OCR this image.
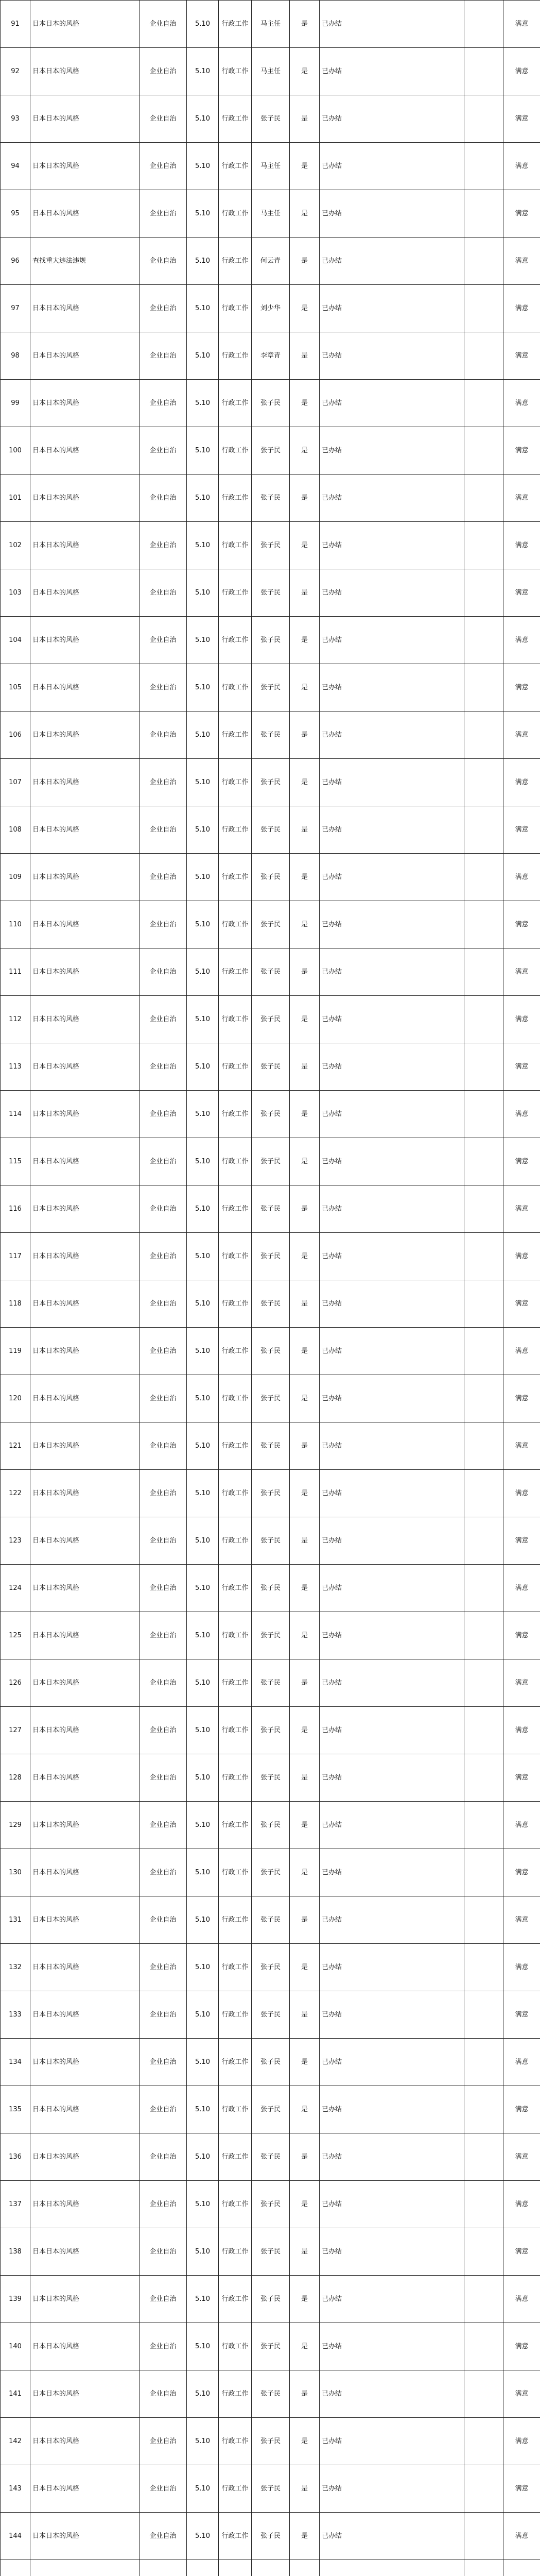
91	日本日本的风格	企业自治	5.10	行政工作	马主任	是	已办结		满意
92	日本日本的风格	企业自治	5.10	行政工作	马主任	是	已办结		满意
93	日本日本的风格	企业自治	5.10	行政工作	张子民	是	已办结		满意
94	日本日本的风格	企业自治	5.10	行政工作	马主任	是	已办结		满意
95	日本日本的风格	企业自治	5.10	行政工作	马主任	是	已办结		满意
96	查找重大违法违规	企业自治	5.10	行政工作	何云青	是	已办结		满意
97	日本日本的风格	企业自治	5.10	行政工作	刘少华	是	已办结		满意
98	日本日本的风格	企业自治	5.10	行政工作	李章青	是	已办结		满意
99	日本日本的风格	企业自治	5.10	行政工作	张子民	是	已办结		满意
100	日本日本的风格	企业自治	5.10	行政工作	张子民	是	已办结		满意
101	日本日本的风格	企业自治	5.10	行政工作	张子民	是	已办结		满意
102	日本日本的风格	企业自治	5.10	行政工作	张子民	是	已办结		满意
103	日本日本的风格	企业自治	5.10	行政工作	张子民	是	已办结		满意
104	日本日本的风格	企业自治	5.10	行政工作	张子民	是	已办结		满意
105	日本日本的风格	企业自治	5.10	行政工作	张子民	是	已办结		满意
106	日本日本的风格	企业自治	5.10	行政工作	张子民	是	已办结		满意
107	日本日本的风格	企业自治	5.10	行政工作	张子民	是	已办结		满意
108	日本日本的风格	企业自治	5.10	行政工作	张子民	是	已办结		满意
109	日本日本的风格	企业自治	5.10	行政工作	张子民	是	已办结		满意
110	日本日本的风格	企业自治	5.10	行政工作	张子民	是	已办结		满意
111	日本日本的风格	企业自治	5.10	行政工作	张子民	是	已办结		满意
112	日本日本的风格	企业自治	5.10	行政工作	张子民	是	已办结		满意
113	日本日本的风格	企业自治	5.10	行政工作	张子民	是	已办结		满意
114	日本日本的风格	企业自治	5.10	行政工作	张子民	是	已办结		满意
115	日本日本的风格	企业自治	5.10	行政工作	张子民	是	已办结		满意
116	日本日本的风格	企业自治	5.10	行政工作	张子民	是	已办结		满意
117	日本日本的风格	企业自治	5.10	行政工作	张子民	是	已办结		满意
118	日本日本的风格	企业自治	5.10	行政工作	张子民	是	已办结		满意
119	日本日本的风格	企业自治	5.10	行政工作	张子民	是	已办结		满意
120	日本日本的风格	企业自治	5.10	行政工作	张子民	是	已办结		满意
121	日本日本的风格	企业自治	5.10	行政工作	张子民	是	已办结		满意
122	日本日本的风格	企业自治	5.10	行政工作	张子民	是	已办结		满意
123	日本日本的风格	企业自治	5.10	行政工作	张子民	是	已办结		满意
124	日本日本的风格	企业自治	5.10	行政工作	张子民	是	已办结		满意
125	日本日本的风格	企业自治	5.10	行政工作	张子民	是	已办结		满意
126	日本日本的风格	企业自治	5.10	行政工作	张子民	是	已办结		满意
127	日本日本的风格	企业自治	5.10	行政工作	张子民	是	已办结		满意
128	日本日本的风格	企业自治	5.10	行政工作	张子民	是	已办结		满意
129	日本日本的风格	企业自治	5.10	行政工作	张子民	是	已办结		满意
130	日本日本的风格	企业自治	5.10	行政工作	张子民	是	已办结		满意
131	日本日本的风格	企业自治	5.10	行政工作	张子民	是	已办结		满意
132	日本日本的风格	企业自治	5.10	行政工作	张子民	是	已办结		满意
133	日本日本的风格	企业自治	5.10	行政工作	张子民	是	已办结		满意
134	日本日本的风格	企业自治	5.10	行政工作	张子民	是	已办结		满意
135	日本日本的风格	企业自治	5.10	行政工作	张子民	是	已办结		满意
136	日本日本的风格	企业自治	5.10	行政工作	张子民	是	已办结		满意
137	日本日本的风格	企业自治	5.10	行政工作	张子民	是	已办结		满意
138	日本日本的风格	企业自治	5.10	行政工作	张子民	是	已办结		满意
139	日本日本的风格	企业自治	5.10	行政工作	张子民	是	已办结		满意
140	日本日本的风格	企业自治	5.10	行政工作	张子民	是	已办结		满意
141	日本日本的风格	企业自治	5.10	行政工作	张子民	是	已办结		满意
142	日本日本的风格	企业自治	5.10	行政工作	张子民	是	已办结		满意
143	日本日本的风格	企业自治	5.10	行政工作	张子民	是	已办结		满意
144	日本日本的风格	企业自治	5.10	行政工作	张子民	是	已办结		满意
